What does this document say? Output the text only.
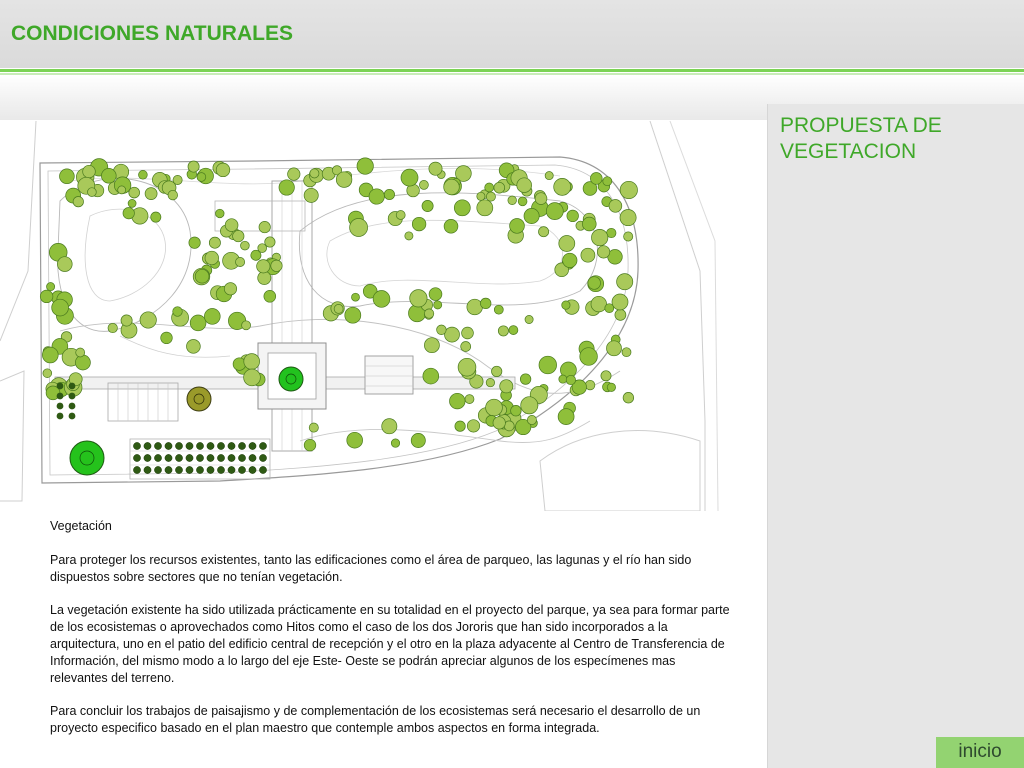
CONDICIONES NATURALES
PROPUESTA DE
VEGETACION

Vegetación

Para proteger los recursos existentes, tanto las edificaciones como el área de parqueo, las lagunas y el río han sido dispuestos sobre sectores que no tenían vegetación.

La vegetación existente ha sido utilizada prácticamente en su totalidad en el proyecto del parque, ya sea para formar parte de los ecosistemas o aprovechados como Hitos como el caso de los dos Jororis que han sido incorporados a la arquitectura, uno en el patio del edificio central de recepción y el otro en la plaza adyacente al Centro de Transferencia de Información, del mismo modo a lo largo del eje Este- Oeste se podrán apreciar algunos de los especímenes mas relevantes del terreno.

Para concluir los trabajos de paisajismo y de complementación de los ecosistemas será necesario el desarrollo de un proyecto especifico basado en el plan maestro que contemple ambos aspectos en forma integrada.

inicio
